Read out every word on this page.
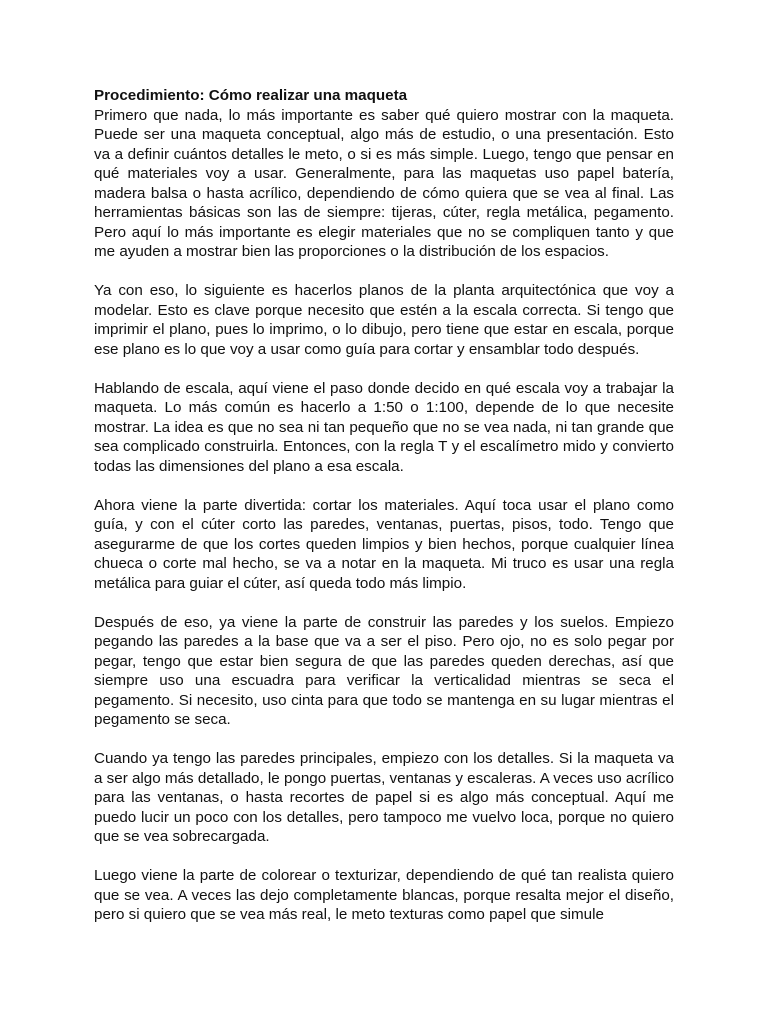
Procedimiento: Cómo realizar una maqueta

Primero que nada, lo más importante es saber qué quiero mostrar con la maqueta. Puede ser una maqueta conceptual, algo más de estudio, o una presentación. Esto va a definir cuántos detalles le meto, o si es más simple. Luego, tengo que pensar en qué materiales voy a usar. Generalmente, para las maquetas uso papel batería, madera balsa o hasta acrílico, dependiendo de cómo quiera que se vea al final. Las herramientas básicas son las de siempre: tijeras, cúter, regla metálica, pegamento. Pero aquí lo más importante es elegir materiales que no se compliquen tanto y que me ayuden a mostrar bien las proporciones o la distribución de los espacios.

Ya con eso, lo siguiente es hacerlos planos de la planta arquitectónica que voy a modelar. Esto es clave porque necesito que estén a la escala correcta. Si tengo que imprimir el plano, pues lo imprimo, o lo dibujo, pero tiene que estar en escala, porque ese plano es lo que voy a usar como guía para cortar y ensamblar todo después.

Hablando de escala, aquí viene el paso donde decido en qué escala voy a trabajar la maqueta. Lo más común es hacerlo a 1:50 o 1:100, depende de lo que necesite mostrar. La idea es que no sea ni tan pequeño que no se vea nada, ni tan grande que sea complicado construirla. Entonces, con la regla T y el escalímetro mido y convierto todas las dimensiones del plano a esa escala.

Ahora viene la parte divertida: cortar los materiales. Aquí toca usar el plano como guía, y con el cúter corto las paredes, ventanas, puertas, pisos, todo. Tengo que asegurarme de que los cortes queden limpios y bien hechos, porque cualquier línea chueca o corte mal hecho, se va a notar en la maqueta. Mi truco es usar una regla metálica para guiar el cúter, así queda todo más limpio.

Después de eso, ya viene la parte de construir las paredes y los suelos. Empiezo pegando las paredes a la base que va a ser el piso. Pero ojo, no es solo pegar por pegar, tengo que estar bien segura de que las paredes queden derechas, así que siempre uso una escuadra para verificar la verticalidad mientras se seca el pegamento. Si necesito, uso cinta para que todo se mantenga en su lugar mientras el pegamento se seca.

Cuando ya tengo las paredes principales, empiezo con los detalles. Si la maqueta va a ser algo más detallado, le pongo puertas, ventanas y escaleras. A veces uso acrílico para las ventanas, o hasta recortes de papel si es algo más conceptual. Aquí me puedo lucir un poco con los detalles, pero tampoco me vuelvo loca, porque no quiero que se vea sobrecargada.

Luego viene la parte de colorear o texturizar, dependiendo de qué tan realista quiero que se vea. A veces las dejo completamente blancas, porque resalta mejor el diseño, pero si quiero que se vea más real, le meto texturas como papel que simule
